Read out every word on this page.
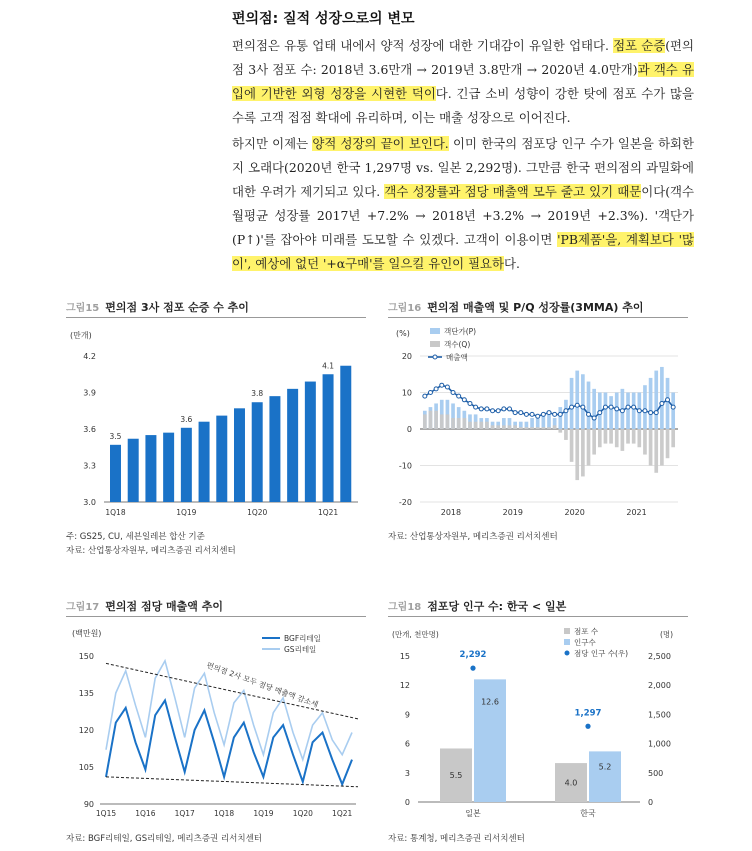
편의점: 질적 성장으로의 변모
편의점은 유통 업태 내에서 양적 성장에 대한 기대감이 유일한 업태다. 점포 순증(편의점 3사 점포 수: 2018년 3.6만개 → 2019년 3.8만개 → 2020년 4.0만개)과 객수 유입에 기반한 외형 성장을 시현한 덕이다. 긴급 소비 성향이 강한 탓에 점포 수가 많을수록 고객 접점 확대에 유리하며, 이는 매출 성장으로 이어진다.
하지만 이제는 양적 성장의 끝이 보인다. 이미 한국의 점포당 인구 수가 일본을 하회한지 오래다(2020년 한국 1,297명 vs. 일본 2,292명). 그만큼 한국 편의점의 과밀화에 대한 우려가 제기되고 있다. 객수 성장률과 점당 매출액 모두 줄고 있기 때문이다(객수 월평균 성장률 2017년 +7.2% → 2018년 +3.2% → 2019년 +2.3%). '객단가(P↑)'를 잡아야 미래를 도모할 수 있겠다. 고객이 이용이면 'PB제품'을, 계획보다 '많이', 예상에 없던 '+α구매'를 일으킬 유인이 필요하다.
그림15 편의점 3사 점포 순증 수 추이
(만개)
3.0
3.3
3.6
3.9
4.2
3.5
3.6
3.8
4.1
1Q18	1Q19	1Q20	1Q21
주: GS25, CU, 세븐일레븐 합산 기준
자료: 산업통상자원부, 메리츠증권 리서치센터
그림16 편의점 매출액 및 P/Q 성장률(3MMA) 추이
(%)
-20
-10
0
10
20
2018	2019	2020	2021
객단가(P)
객수(Q)
매출액
자료: 산업통상자원부, 메리츠증권 리서치센터
그림17 편의점 점당 매출액 추이
(백만원)
90
105
120
135
150
1Q15	1Q16	1Q17	1Q18	1Q19	1Q20	1Q21
편의점 2사 모두 점당 매출액 감소세
BGF리테일
GS리테일
자료: BGF리테일, GS리테일, 메리츠증권 리서치센터
그림18 점포당 인구 수: 한국 < 일본
(만개, 천만명)	(명)
0
3
6
9
12
15
0
500
1,000
1,500
2,000
2,500
5.5
12.6
2,292
일본
4.0
5.2
1,297
한국
점포 수
인구수
점당 인구 수(우)
자료: 통계청, 메리츠증권 리서치센터
